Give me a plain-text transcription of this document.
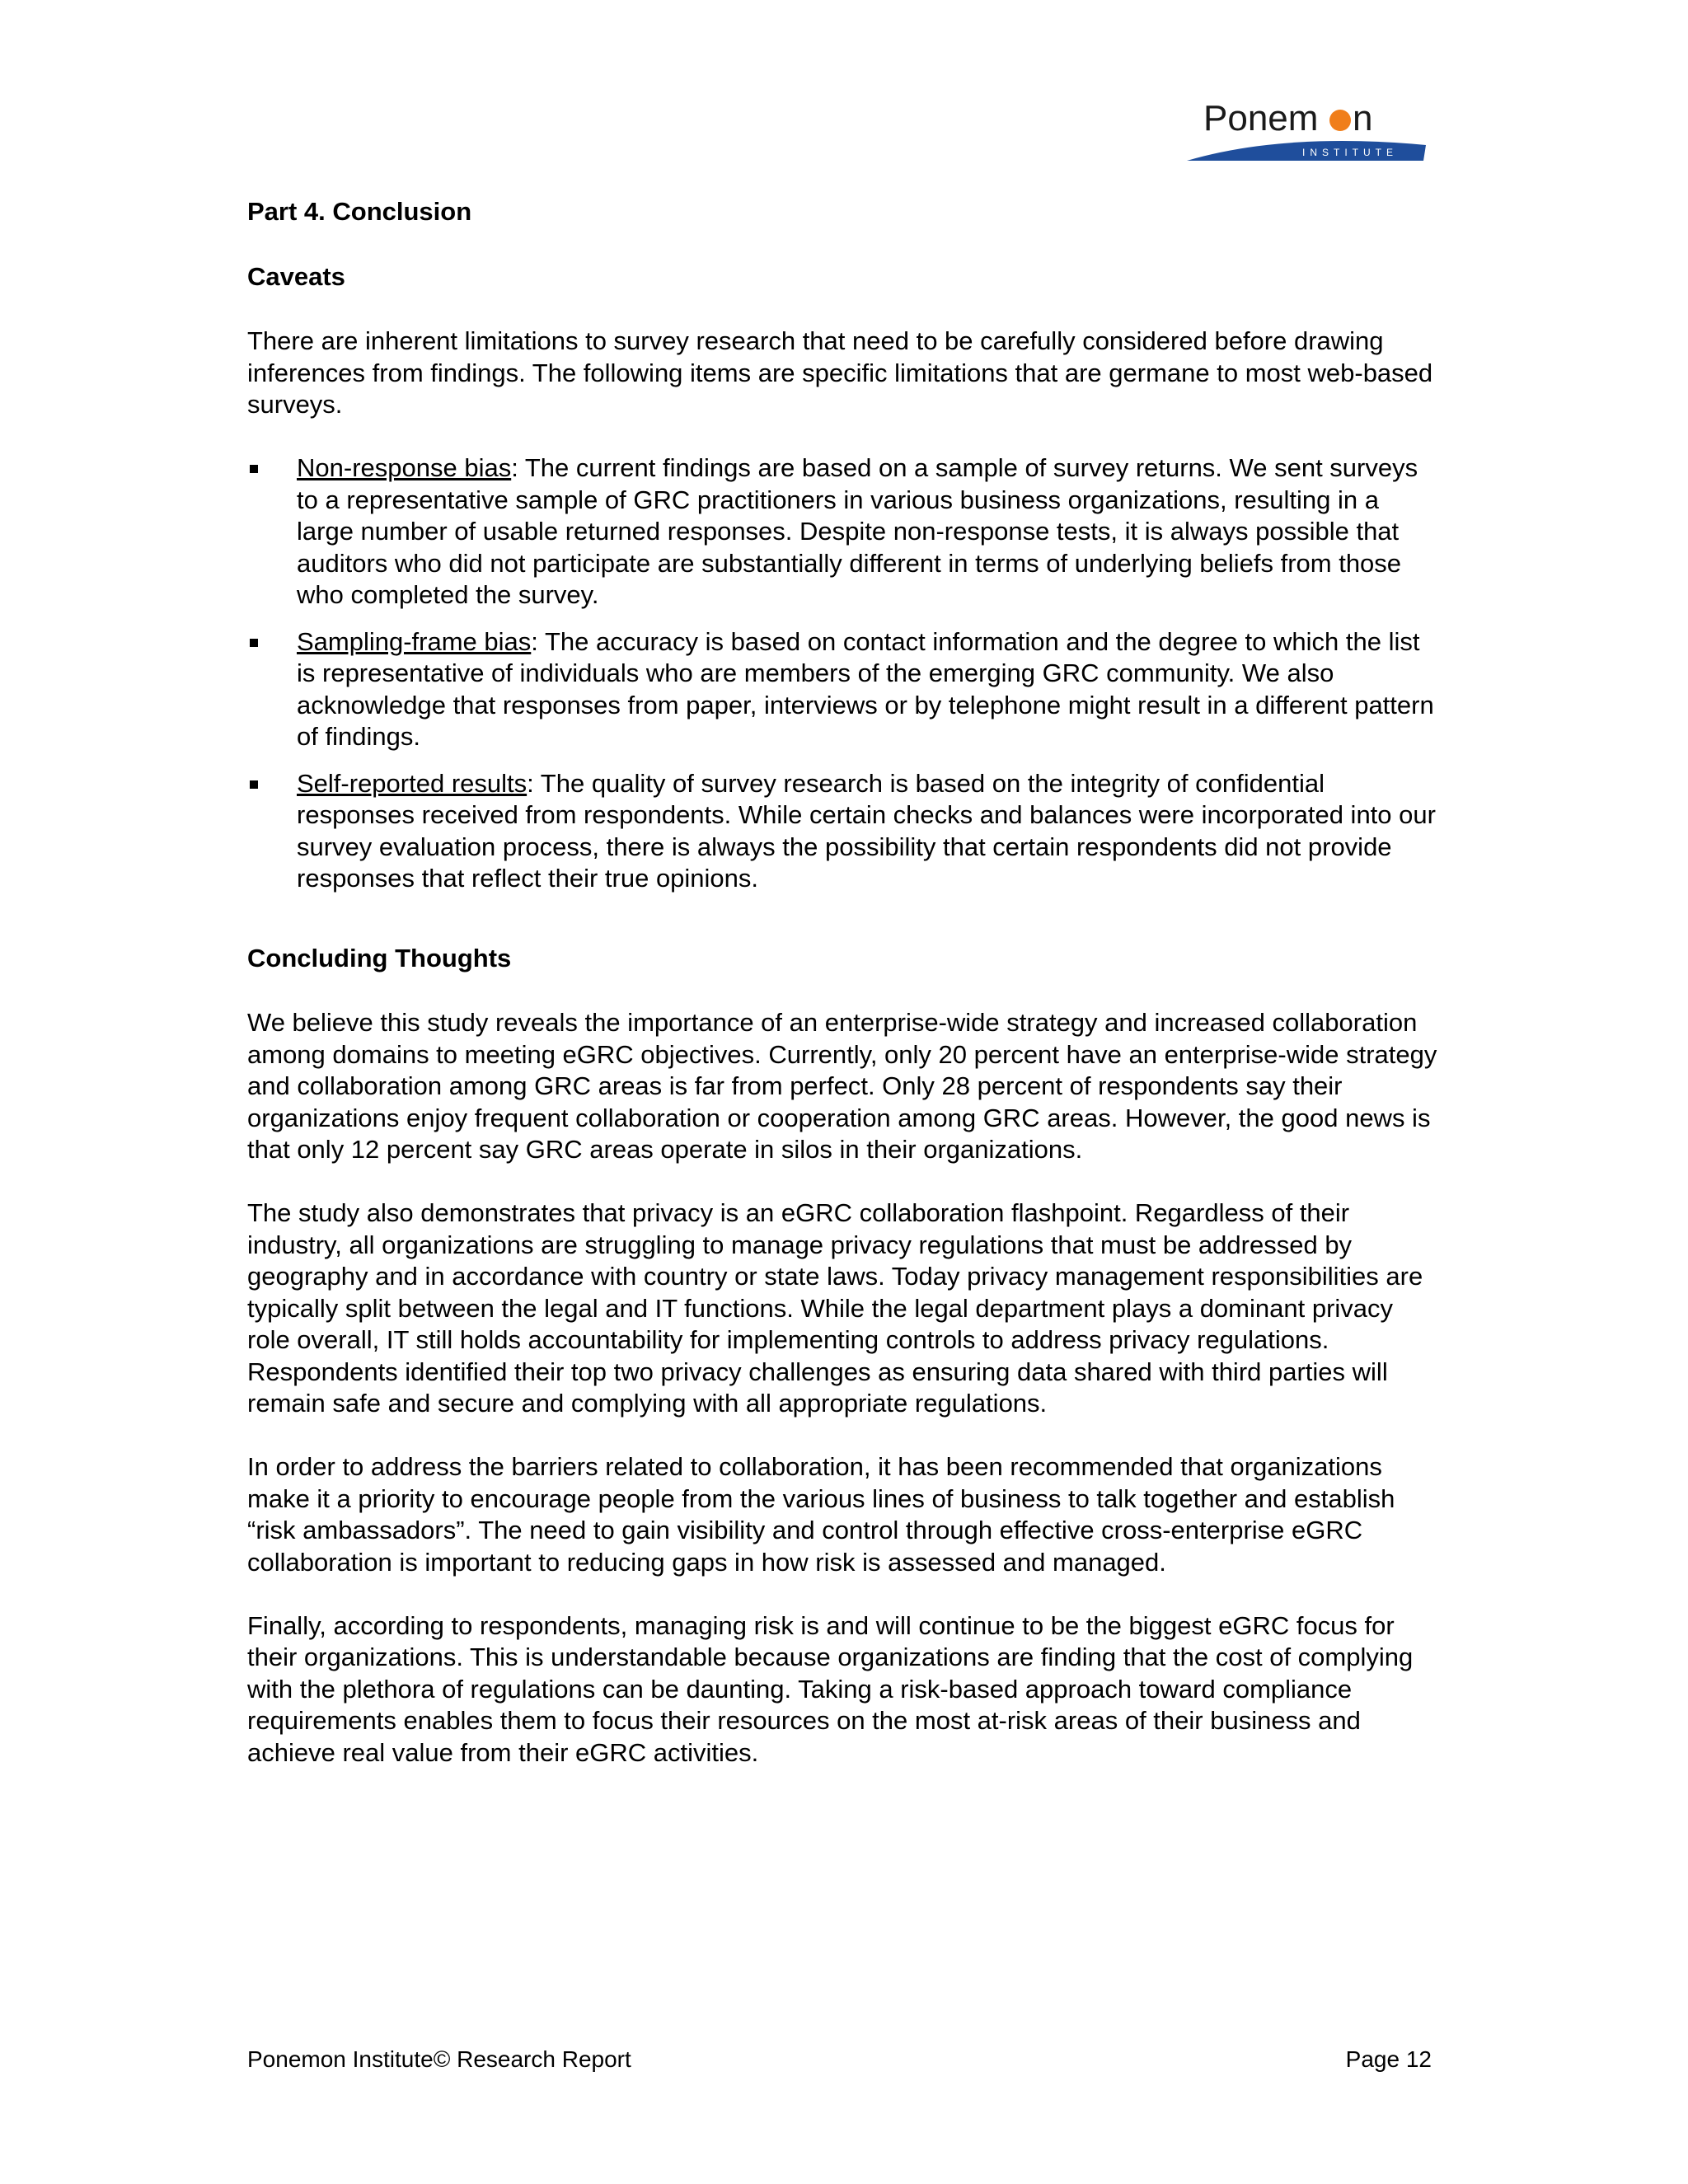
Ponem n
INSTITUTE

Part 4. Conclusion

Caveats

There are inherent limitations to survey research that need to be carefully considered before drawing inferences from findings. The following items are specific limitations that are germane to most web-based surveys.

Non-response bias: The current findings are based on a sample of survey returns. We sent surveys to a representative sample of GRC practitioners in various business organizations, resulting in a large number of usable returned responses. Despite non-response tests, it is always possible that auditors who did not participate are substantially different in terms of underlying beliefs from those who completed the survey.
Sampling-frame bias: The accuracy is based on contact information and the degree to which the list is representative of individuals who are members of the emerging GRC community. We also acknowledge that responses from paper, interviews or by telephone might result in a different pattern of findings.
Self-reported results: The quality of survey research is based on the integrity of confidential responses received from respondents. While certain checks and balances were incorporated into our survey evaluation process, there is always the possibility that certain respondents did not provide responses that reflect their true opinions.

Concluding Thoughts

We believe this study reveals the importance of an enterprise-wide strategy and increased collaboration among domains to meeting eGRC objectives. Currently, only 20 percent have an enterprise-wide strategy and collaboration among GRC areas is far from perfect. Only 28 percent of respondents say their organizations enjoy frequent collaboration or cooperation among GRC areas. However, the good news is that only 12 percent say GRC areas operate in silos in their organizations.

The study also demonstrates that privacy is an eGRC collaboration flashpoint. Regardless of their industry, all organizations are struggling to manage privacy regulations that must be addressed by geography and in accordance with country or state laws. Today privacy management responsibilities are typically split between the legal and IT functions. While the legal department plays a dominant privacy role overall, IT still holds accountability for implementing controls to address privacy regulations. Respondents identified their top two privacy challenges as ensuring data shared with third parties will remain safe and secure and complying with all appropriate regulations.

In order to address the barriers related to collaboration, it has been recommended that organizations make it a priority to encourage people from the various lines of business to talk together and establish “risk ambassadors”. The need to gain visibility and control through effective cross-enterprise eGRC collaboration is important to reducing gaps in how risk is assessed and managed.

Finally, according to respondents, managing risk is and will continue to be the biggest eGRC focus for their organizations. This is understandable because organizations are finding that the cost of complying with the plethora of regulations can be daunting. Taking a risk-based approach toward compliance requirements enables them to focus their resources on the most at-risk areas of their business and achieve real value from their eGRC activities.

Ponemon Institute© Research Report	Page 12
